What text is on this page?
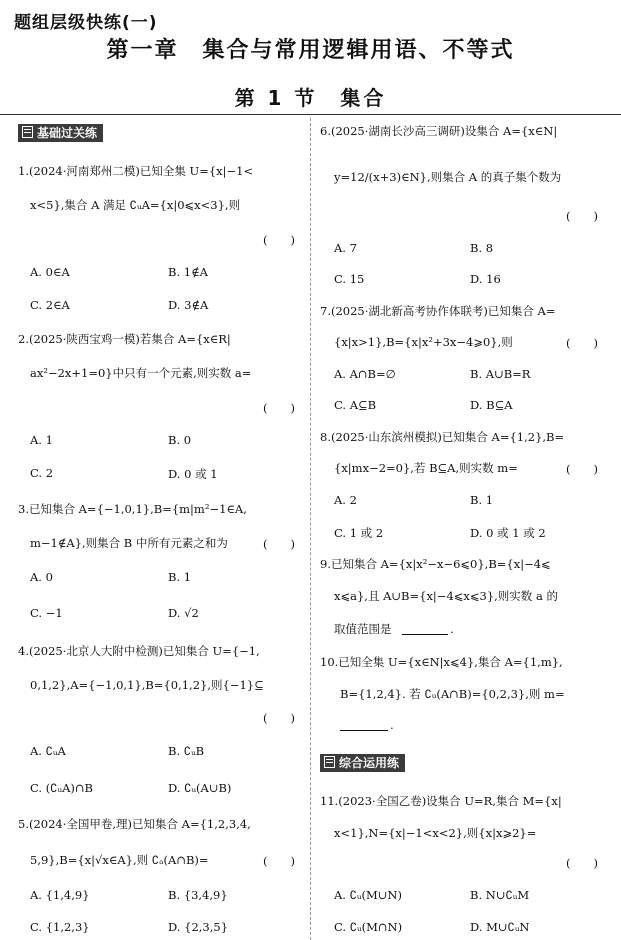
题组层级快练(一)
第一章　集合与常用逻辑用语、不等式
第 1 节　集合
基础过关练
1.(2024·河南郑州二模)已知全集 U={x|−1<
x<5},集合 A 满足 ∁ᵤA={x|0⩽x<3},则
(　　)
A. 0∈A	B. 1∉A
C. 2∈A	D. 3∉A
2.(2025·陕西宝鸡一模)若集合 A={x∈R|
ax²−2x+1=0}中只有一个元素,则实数 a=
(　　)
A. 1	B. 0
C. 2	D. 0 或 1
3.已知集合 A={−1,0,1},B={m|m²−1∈A,
m−1∉A},则集合 B 中所有元素之和为	(　　)
A. 0	B. 1
C. −1	D. √2
4.(2025·北京人大附中检测)已知集合 U={−1,
0,1,2},A={−1,0,1},B={0,1,2},则{−1}⊆
(　　)
A. ∁ᵤA	B. ∁ᵤB
C. (∁ᵤA)∩B	D. ∁ᵤ(A∪B)
5.(2024·全国甲卷,理)已知集合 A={1,2,3,4,
5,9},B={x|√x∈A},则 ∁ₐ(A∩B)=	(　　)
A. {1,4,9}	B. {3,4,9}
C. {1,2,3}	D. {2,3,5}
6.(2025·湖南长沙高三调研)设集合 A={x∈N|
y=12/(x+3)∈N},则集合 A 的真子集个数为
(　　)
A. 7	B. 8
C. 15	D. 16
7.(2025·湖北新高考协作体联考)已知集合 A=
{x|x>1},B={x|x²+3x−4⩾0},则	(　　)
A. A∩B=∅	B. A∪B=R
C. A⊆B	D. B⊆A
8.(2025·山东滨州模拟)已知集合 A={1,2},B=
{x|mx−2=0},若 B⊆A,则实数 m=	(　　)
A. 2	B. 1
C. 1 或 2	D. 0 或 1 或 2
9.已知集合 A={x|x²−x−6⩽0},B={x|−4⩽
x⩽a},且 A∪B={x|−4⩽x⩽3},则实数 a 的
取值范围是	.
10.已知全集 U={x∈N|x⩽4},集合 A={1,m},
B={1,2,4}. 若 ∁ᵤ(A∩B)={0,2,3},则 m=
.
综合运用练
11.(2023·全国乙卷)设集合 U=R,集合 M={x|
x<1},N={x|−1<x<2},则{x|x⩾2}=
(　　)
A. ∁ᵤ(M∪N)	B. N∪∁ᵤM
C. ∁ᵤ(M∩N)	D. M∪∁ᵤN
